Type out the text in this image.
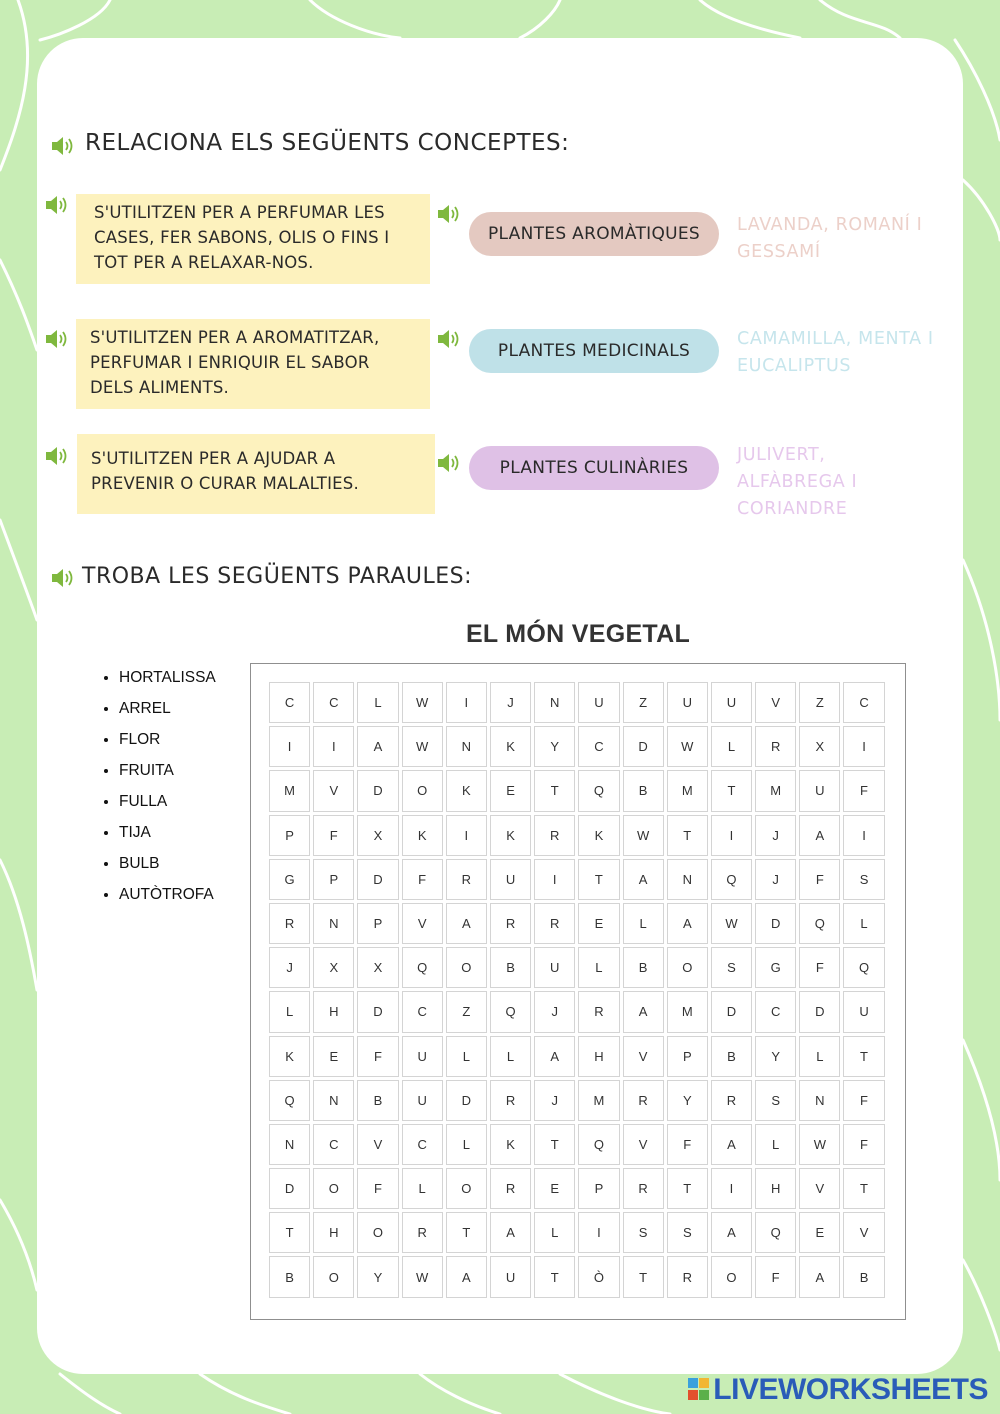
RELACIONA ELS SEGÜENTS CONCEPTES:
S'UTILITZEN PER A PERFUMAR LES CASES, FER SABONS, OLIS O FINS I TOT PER A RELAXAR-NOS.
PLANTES AROMÀTIQUES	LAVANDA, ROMANÍ I GESSAMÍ
S'UTILITZEN PER A AROMATITZAR, PERFUMAR I ENRIQUIR EL SABOR DELS ALIMENTS.
PLANTES MEDICINALS
CAMAMILLA, MENTA I EUCALIPTUS
S'UTILITZEN PER A AJUDAR A PREVENIR O CURAR MALALTIES.
PLANTES CULINÀRIES
JULIVERT, ALFÀBREGA I CORIANDRE
TROBA LES SEGÜENTS PARAULES:
EL MÓN VEGETAL
• HORTALISSA
• ARREL
• FLOR
• FRUITA
• FULLA
• TIJA
• BULB
• AUTÒTROFA
C	C	L	W	I	J	N	U	Z	U	U	V	Z	C
I	I	A	W	N	K	Y	C	D	W	L	R	X	I
M	V	D	O	K	E	T	Q	B	M	T	M	U	F
P	F	X	K	I	K	R	K	W	T	I	J	A	I
G	P	D	F	R	U	I	T	A	N	Q	J	F	S
R	N	P	V	A	R	R	E	L	A	W	D	Q	L
J	X	X	Q	O	B	U	L	B	O	S	G	F	Q
L	H	D	C	Z	Q	J	R	A	M	D	C	D	U
K	E	F	U	L	L	A	H	V	P	B	Y	L	T
Q	N	B	U	D	R	J	M	R	Y	R	S	N	F
N	C	V	C	L	K	T	Q	V	F	A	L	W	F
D	O	F	L	O	R	E	P	R	T	I	H	V	T
T	H	O	R	T	A	L	I	S	S	A	Q	E	V
B	O	Y	W	A	U	T	Ò	T	R	O	F	A	B
LIVEWORKSHEETS
